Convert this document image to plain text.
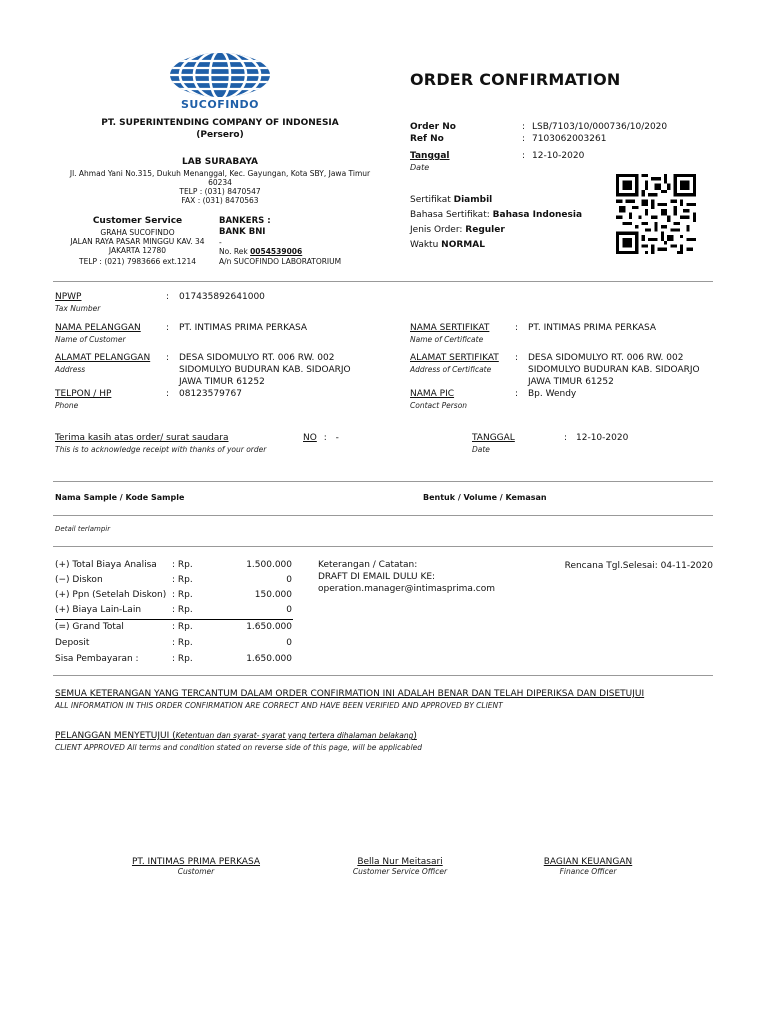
SUCOFINDO
PT. SUPERINTENDING COMPANY OF INDONESIA
(Persero)
LAB SURABAYA
Jl. Ahmad Yani No.315, Dukuh Menanggal, Kec. Gayungan, Kota SBY, Jawa Timur
60234
TELP : (031) 8470547
FAX : (031) 8470563
Customer Service
GRAHA SUCOFINDO
JALAN RAYA PASAR MINGGU KAV. 34
JAKARTA 12780
TELP : (021) 7983666 ext.1214
BANKERS :
BANK BNI
-
No. Rek 0054539006
A/n SUCOFINDO LABORATORIUM
ORDER CONFIRMATION
Order No	: LSB/7103/10/000736/10/2020
Ref No	: 7103062003261
Tanggal	: 12-10-2020
Date
Sertifikat Diambil
Bahasa Sertifikat: Bahasa Indonesia
Jenis Order: Reguler
Waktu NORMAL
NPWP
Tax Number
: 017435892641000
NAMA PELANGGAN
Name of Customer
: PT. INTIMAS PRIMA PERKASA
ALAMAT PELANGGAN
Address
: DESA SIDOMULYO RT. 006 RW. 002
SIDOMULYO BUDURAN KAB. SIDOARJO
JAWA TIMUR 61252
TELPON / HP
Phone
: 08123579767
NAMA SERTIFIKAT
Name of Certificate
: PT. INTIMAS PRIMA PERKASA
ALAMAT SERTIFIKAT
Address of Certificate
: DESA SIDOMULYO RT. 006 RW. 002
SIDOMULYO BUDURAN KAB. SIDOARJO
JAWA TIMUR 61252
NAMA PIC
Contact Person
: Bp. Wendy
Terima kasih atas order/ surat saudara
This is to acknowledge receipt with thanks of your order
NO : -	TANGGAL
Date
: 12-10-2020
Nama Sample / Kode Sample	Bentuk / Volume / Kemasan
Detail terlampir
(+) Total Biaya Analisa : Rp.	1.500.000
(−) Diskon	: Rp.	0
(+) Ppn (Setelah Diskon) : Rp.	150.000
(+) Biaya Lain-Lain	: Rp.	0
(=) Grand Total	: Rp.	1.650.000
Deposit	: Rp.	0
Sisa Pembayaran :	: Rp.	1.650.000
Keterangan / Catatan:
DRAFT DI EMAIL DULU KE:
operation.manager@intimasprima.com
Rencana Tgl.Selesai: 04-11-2020
SEMUA KETERANGAN YANG TERCANTUM DALAM ORDER CONFIRMATION INI ADALAH BENAR DAN TELAH DIPERIKSA DAN DISETUJUI
ALL INFORMATION IN THIS ORDER CONFIRMATION ARE CORRECT AND HAVE BEEN VERIFIED AND APPROVED BY CLIENT
PELANGGAN MENYETUJUI (Ketentuan dan syarat- syarat yang tertera dihalaman belakang)
CLIENT APPROVED All terms and condition stated on reverse side of this page, will be applicabled
PT. INTIMAS PRIMA PERKASA
Customer
Bella Nur Meitasari
Customer Service Officer
BAGIAN KEUANGAN
Finance Officer
